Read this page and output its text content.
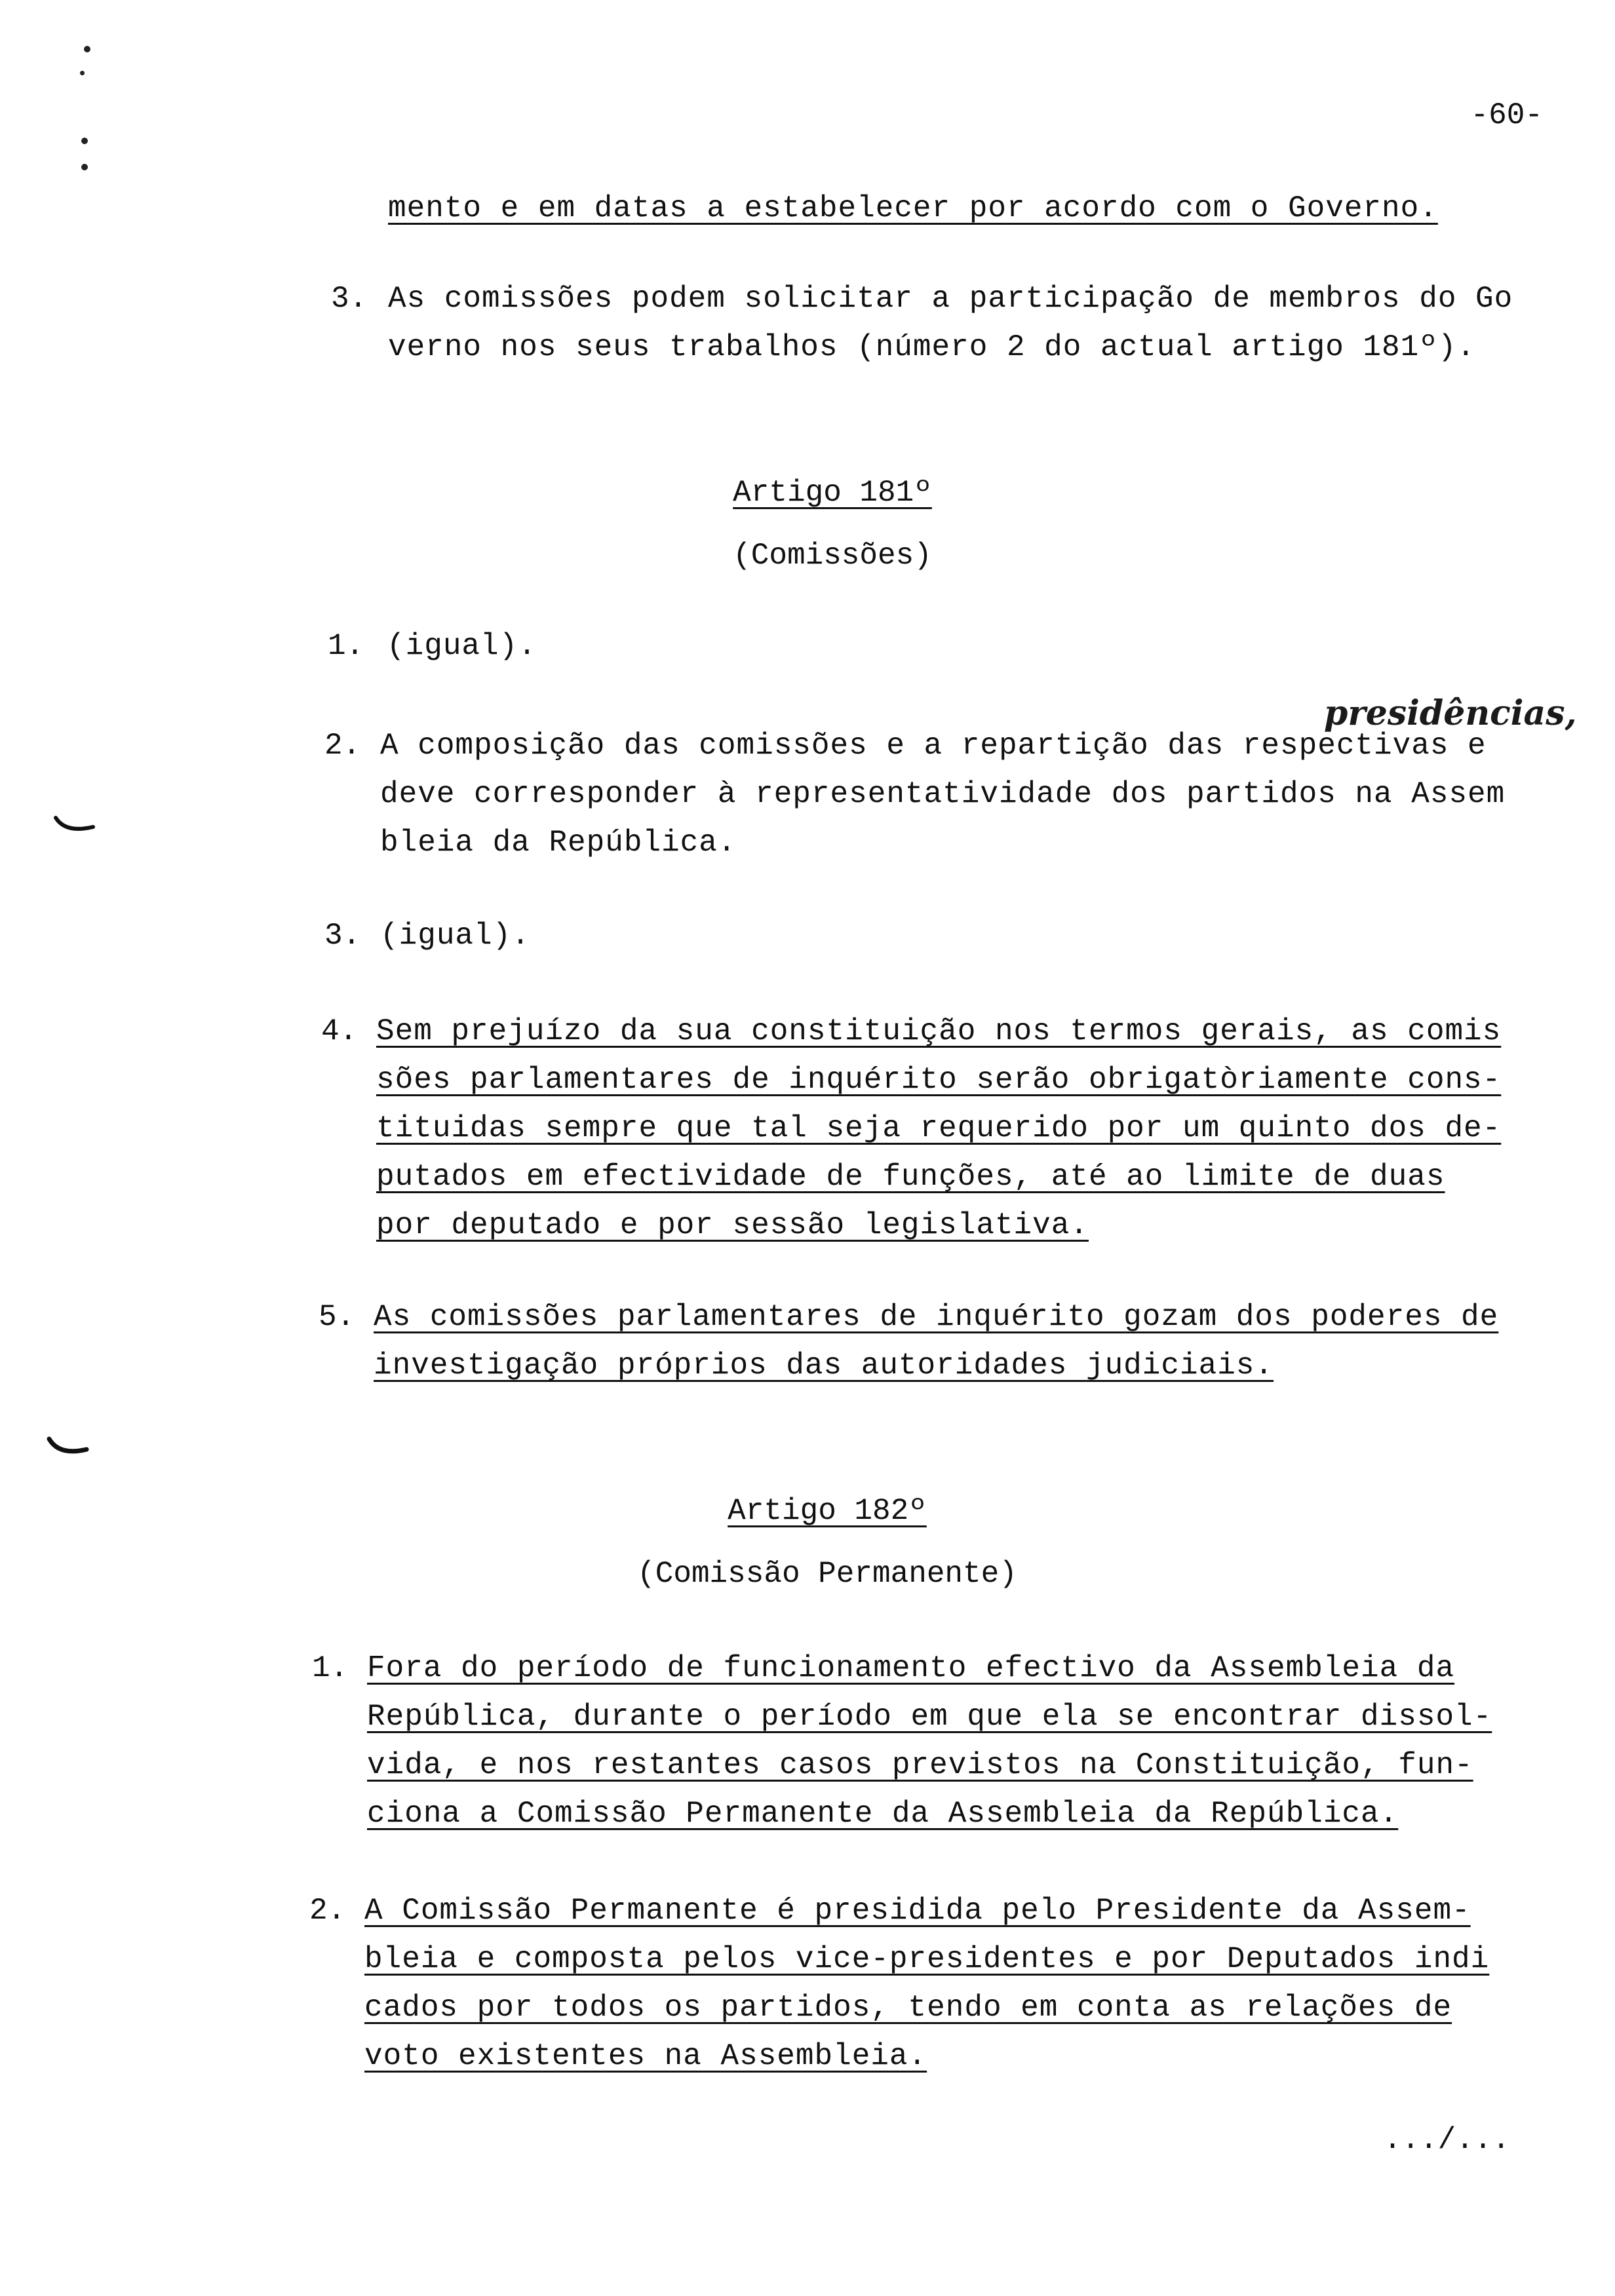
-60-
mento e em datas a estabelecer por acordo com o Governo.
3. As comissões podem solicitar a participação de membros do Go
verno nos seus trabalhos (número 2 do actual artigo 181º).
Artigo 181º
(Comissões)
1. (igual).
presidências,
2. A composição das comissões e a repartição das respectivas e
deve corresponder à representatividade dos partidos na Assem
bleia da República.
3. (igual).
4. Sem prejuízo da sua constituição nos termos gerais, as comis
sões parlamentares de inquérito serão obrigatòriamente cons-
tituidas sempre que tal seja requerido por um quinto dos de-
putados em efectividade de funções, até ao limite de duas
por deputado e por sessão legislativa.
5. As comissões parlamentares de inquérito gozam dos poderes de
investigação próprios das autoridades judiciais.
Artigo 182º
(Comissão Permanente)
1. Fora do período de funcionamento efectivo da Assembleia da
República, durante o período em que ela se encontrar dissol-
vida, e nos restantes casos previstos na Constituição, fun-
ciona a Comissão Permanente da Assembleia da República.
2. A Comissão Permanente é presidida pelo Presidente da Assem-
bleia e composta pelos vice-presidentes e por Deputados indi
cados por todos os partidos, tendo em conta as relações de
voto existentes na Assembleia.
.../...
